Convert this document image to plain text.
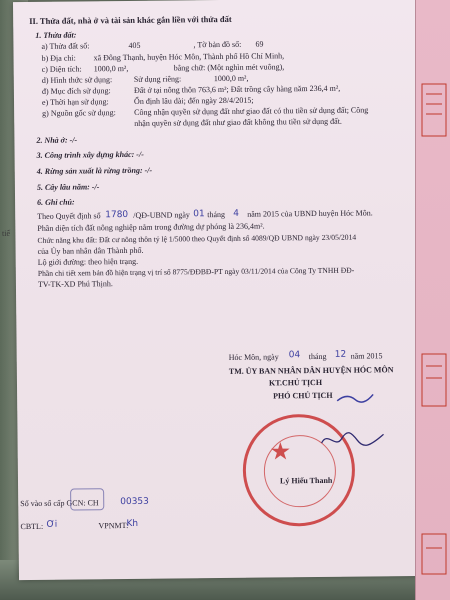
II. Thửa đất, nhà ở và tài sản khác gắn liền với thửa đất
1. Thửa đất:
a) Thửa đất số:	405	, Tờ bản đồ số: 69
b) Địa chỉ: xã Đông Thạnh, huyện Hóc Môn, Thành phố Hồ Chí Minh,
c) Diện tích: 1000,0 m²,	bằng chữ: (Một nghìn mét vuông),
d) Hình thức sử dụng:	Sử dụng riêng:	1000,0 m²,
đ) Mục đích sử dụng:	Đất ở tại nông thôn 763,6 m²; Đất trồng cây hàng năm 236,4 m²,
e) Thời hạn sử dụng:	Ổn định lâu dài; đến ngày 28/4/2015;
g) Nguồn gốc sử dụng: Công nhận quyền sử dụng đất như giao đất có thu tiền sử dụng đất; Công
nhận quyền sử dụng đất như giao đất không thu tiền sử dụng đất.
2. Nhà ở: -/-
3. Công trình xây dựng khác: -/-
4. Rừng sản xuất là rừng trồng: -/-
5. Cây lâu năm: -/-
6. Ghi chú:
Theo Quyết định số 1780 /QĐ-UBND ngày 01 tháng 4 năm 2015 của UBND huyện Hóc Môn.
Phần diện tích đất nông nghiệp nằm trong đường dự phóng là 236,4m².
Chức năng khu đất: Đất cư nông thôn tỷ lệ 1/5000 theo Quyết định số 4089/QĐ UBND ngày 23/05/2014
của Ủy ban nhân dân Thành phố.
Lộ giới đường: theo hiện trạng.
Phần chi tiết xem bản đồ hiện trạng vị trí số 8775/ĐĐBĐ-PT ngày 03/11/2014 của Công Ty TNHH ĐĐ-
TV-TK-XD Phú Thịnh.
Hóc Môn, ngày 04 tháng 12 năm 2015
TM. ỦY BAN NHÂN DÂN HUYỆN HÓC MÔN
KT.CHỦ TỊCH
PHÓ CHỦ TỊCH
★
Lý Hiếu Thanh
Số vào sổ cấp GCN: CH 00353
CBTL: Ơi	VPNMT:
Kh
tiế
